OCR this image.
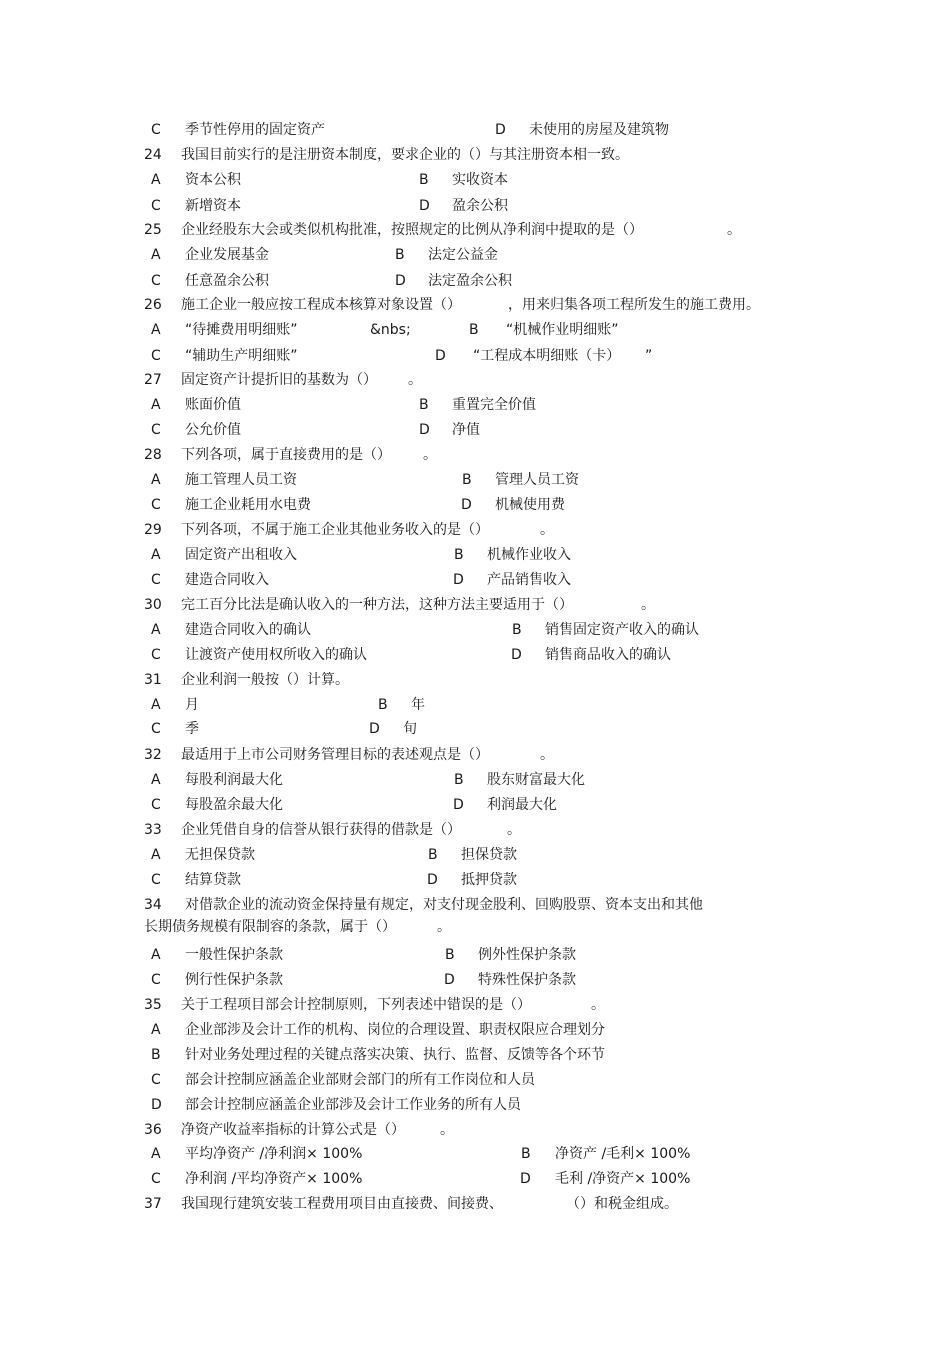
C 季节性停用的固定资产	D 未使用的房屋及建筑物
24 我国目前实行的是注册资本制度，要求企业的（）与其注册资本相一致。
A 资本公积	B 实收资本
C 新增资本	D 盈余公积
25 企业经股东大会或类似机构批准，按照规定的比例从净利润中提取的是（）	。
A 企业发展基金	B 法定公益金
C 任意盈余公积	D 法定盈余公积
26 施工企业一般应按工程成本核算对象设置（）	，用来归集各项工程所发生的施工费用。
A “待摊费用明细账”	&nbs;	B “机械作业明细账”
C “辅助生产明细账”	D “工程成本明细账（卡） ”
27 固定资产计提折旧的基数为（） 。
A 账面价值	B 重置完全价值
C 公允价值	D 净值
28 下列各项，属于直接费用的是（） 。
A 施工管理人员工资	B 管理人员工资
C 施工企业耗用水电费	D 机械使用费
29 下列各项，不属于施工企业其他业务收入的是（）	。
A 固定资产出租收入	B 机械作业收入
C 建造合同收入	D 产品销售收入
30 完工百分比法是确认收入的一种方法，这种方法主要适用于（）	。
A 建造合同收入的确认	B 销售固定资产收入的确认
C 让渡资产使用权所收入的确认	D 销售商品收入的确认
31 企业利润一般按（）计算。
A 月	B 年
C 季	D 旬
32 最适用于上市公司财务管理目标的表述观点是（）	。
A 每股利润最大化	B 股东财富最大化
C 每股盈余最大化	D 利润最大化
33 企业凭借自身的信誉从银行获得的借款是（）	。
A 无担保贷款	B 担保贷款
C 结算贷款	D 抵押贷款
34 对借款企业的流动资金保持量有规定，对支付现金股利、回购股票、资本支出和其他
长期债务规模有限制容的条款，属于（）	。
A 一般性保护条款	B 例外性保护条款
C 例行性保护条款	D 特殊性保护条款
35 关于工程项目部会计控制原则，下列表述中错误的是（）	。
A 企业部涉及会计工作的机构、岗位的合理设置、职责权限应合理划分
B 针对业务处理过程的关键点落实决策、执行、监督、反馈等各个环节
C 部会计控制应涵盖企业部财会部门的所有工作岗位和人员
D 部会计控制应涵盖企业部涉及会计工作业务的所有人员
36 净资产收益率指标的计算公式是（）	。
A 平均净资产 /净利润× 100%	B 净资产 /毛利× 100%
C 净利润 /平均净资产× 100%	D 毛利 /净资产× 100%
37 我国现行建筑安装工程费用项目由直接费、间接费、	（）和税金组成。
